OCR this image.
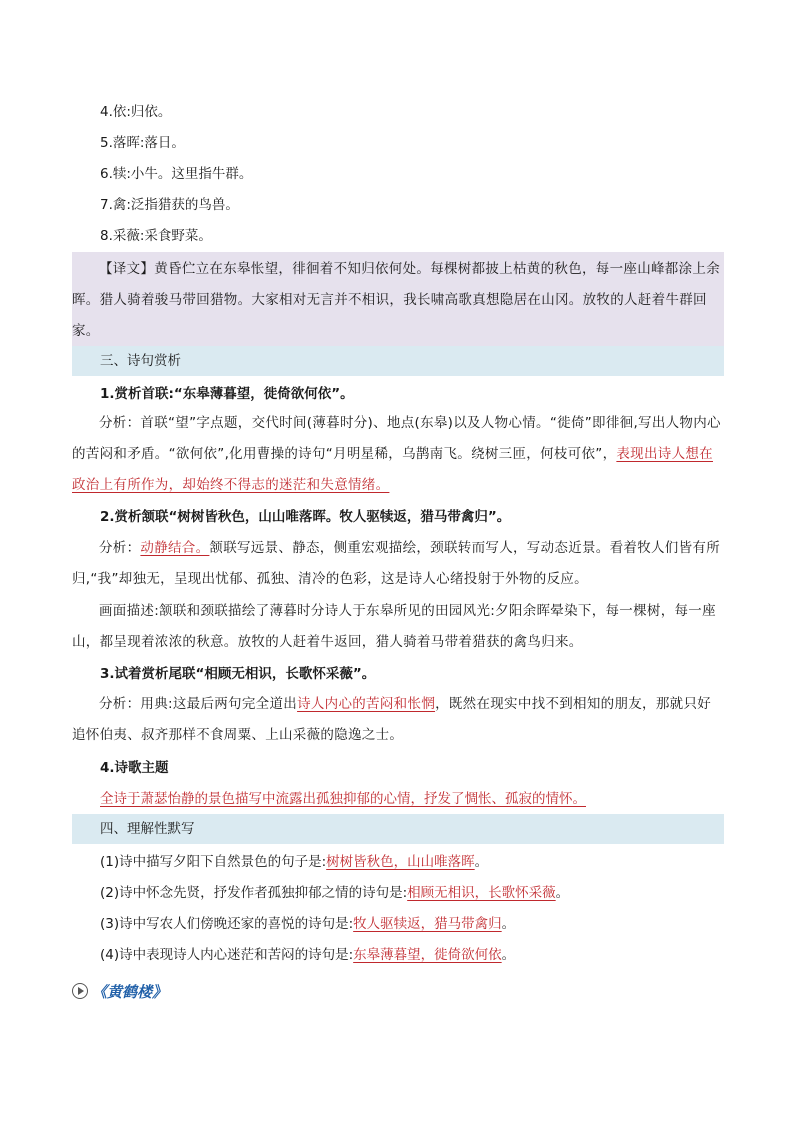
4.依:归依。
5.落晖:落日。
6.犊:小牛。这里指牛群。
7.禽:泛指猎获的鸟兽。
8.采薇:采食野菜。
【译文】黄昏伫立在东皋怅望，徘徊着不知归依何处。每棵树都披上枯黄的秋色，每一座山峰都涂上余晖。猎人骑着骏马带回猎物。大家相对无言并不相识，我长啸高歌真想隐居在山冈。放牧的人赶着牛群回家。
三、诗句赏析
1.赏析首联:“东皋薄暮望，徙倚欲何依”。
分析：首联“望”字点题，交代时间(薄暮时分)、地点(东皋)以及人物心情。“徙倚”即徘徊,写出人物内心的苦闷和矛盾。“欲何依”,化用曹操的诗句“月明星稀，乌鹊南飞。绕树三匝，何枝可依”，表现出诗人想在政治上有所作为，却始终不得志的迷茫和失意情绪。
2.赏析颔联“树树皆秋色，山山唯落晖。牧人驱犊返，猎马带禽归”。
分析：动静结合。颔联写远景、静态，侧重宏观描绘，颈联转而写人，写动态近景。看着牧人们皆有所归,“我”却独无，呈现出忧郁、孤独、清冷的色彩，这是诗人心绪投射于外物的反应。
画面描述:颔联和颈联描绘了薄暮时分诗人于东皋所见的田园风光:夕阳余晖晕染下，每一棵树，每一座山，都呈现着浓浓的秋意。放牧的人赶着牛返回，猎人骑着马带着猎获的禽鸟归来。
3.试着赏析尾联“相顾无相识，长歌怀采薇”。
分析：用典:这最后两句完全道出诗人内心的苦闷和怅惘，既然在现实中找不到相知的朋友，那就只好追怀伯夷、叔齐那样不食周粟、上山采薇的隐逸之士。
4.诗歌主题
全诗于萧瑟怡静的景色描写中流露出孤独抑郁的心情，抒发了惆怅、孤寂的情怀。
四、理解性默写
(1)诗中描写夕阳下自然景色的句子是:树树皆秋色，山山唯落晖。
(2)诗中怀念先贤，抒发作者孤独抑郁之情的诗句是:相顾无相识，长歌怀采薇。
(3)诗中写农人们傍晚还家的喜悦的诗句是:牧人驱犊返，猎马带禽归。
(4)诗中表现诗人内心迷茫和苦闷的诗句是:东皋薄暮望，徙倚欲何依。
《黄鹤楼》
